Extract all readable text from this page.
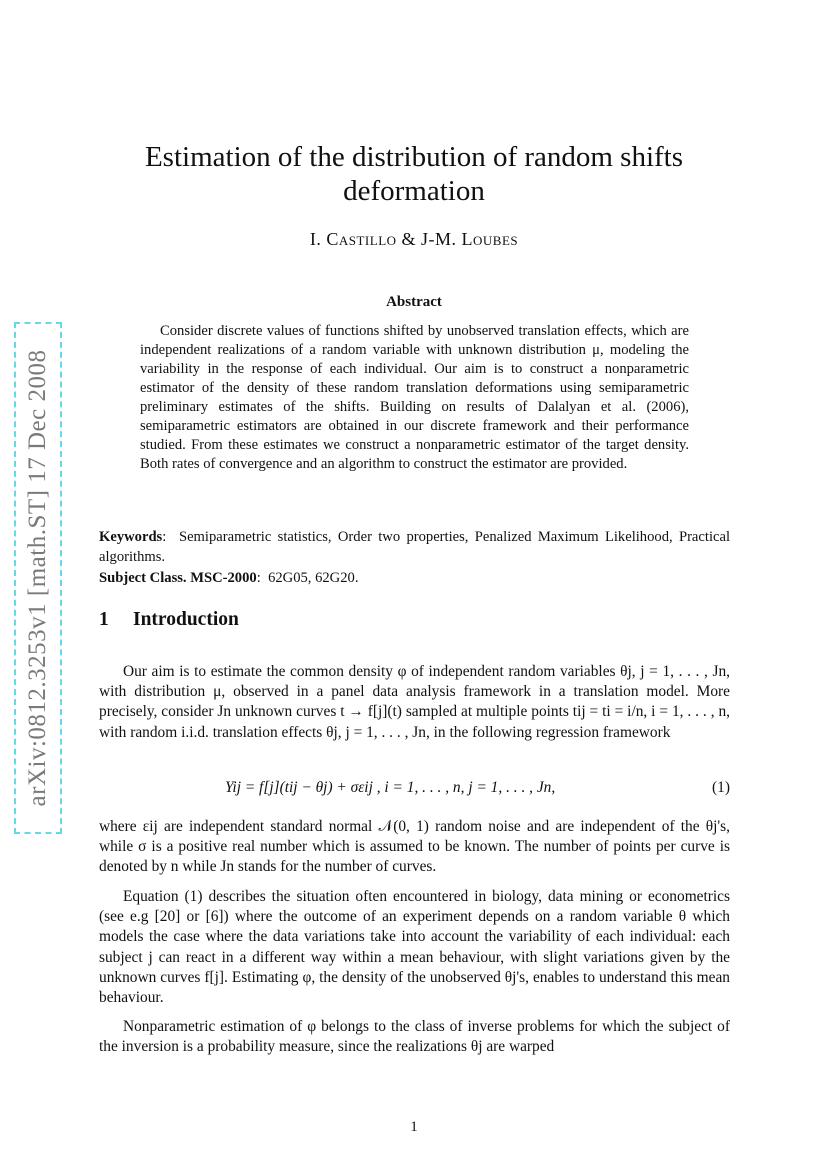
arXiv:0812.3253v1 [math.ST] 17 Dec 2008
Estimation of the distribution of random shifts deformation
I. Castillo & J-M. Loubes
Abstract
Consider discrete values of functions shifted by unobserved translation effects, which are independent realizations of a random variable with unknown distribution μ, modeling the variability in the response of each individual. Our aim is to construct a nonparametric estimator of the density of these random translation deformations using semiparametric preliminary estimates of the shifts. Building on results of Dalalyan et al. (2006), semiparametric estimators are obtained in our discrete framework and their performance studied. From these estimates we construct a nonparametric estimator of the target density. Both rates of convergence and an algorithm to construct the estimator are provided.
Keywords:  Semiparametric statistics, Order two properties, Penalized Maximum Likelihood, Practical algorithms.
Subject Class. MSC-2000:  62G05, 62G20.
1 Introduction

Our aim is to estimate the common density φ of independent random variables θj, j = 1, . . . , Jn, with distribution μ, observed in a panel data analysis framework in a translation model. More precisely, consider Jn unknown curves t → f[j](t) sampled at multiple points tij = ti = i/n, i = 1, . . . , n, with random i.i.d. translation effects θj, j = 1, . . . , Jn, in the following regression framework

Yij = f[j](tij − θj) + σεij , i = 1, . . . , n, j = 1, . . . , Jn,	(1)

where εij are independent standard normal 𝒩(0, 1) random noise and are independent of the θj's, while σ is a positive real number which is assumed to be known. The number of points per curve is denoted by n while Jn stands for the number of curves.

Equation (1) describes the situation often encountered in biology, data mining or econometrics (see e.g [20] or [6]) where the outcome of an experiment depends on a random variable θ which models the case where the data variations take into account the variability of each individual: each subject j can react in a different way within a mean behaviour, with slight variations given by the unknown curves f[j]. Estimating φ, the density of the unobserved θj's, enables to understand this mean behaviour.

Nonparametric estimation of φ belongs to the class of inverse problems for which the subject of the inversion is a probability measure, since the realizations θj are warped

1
